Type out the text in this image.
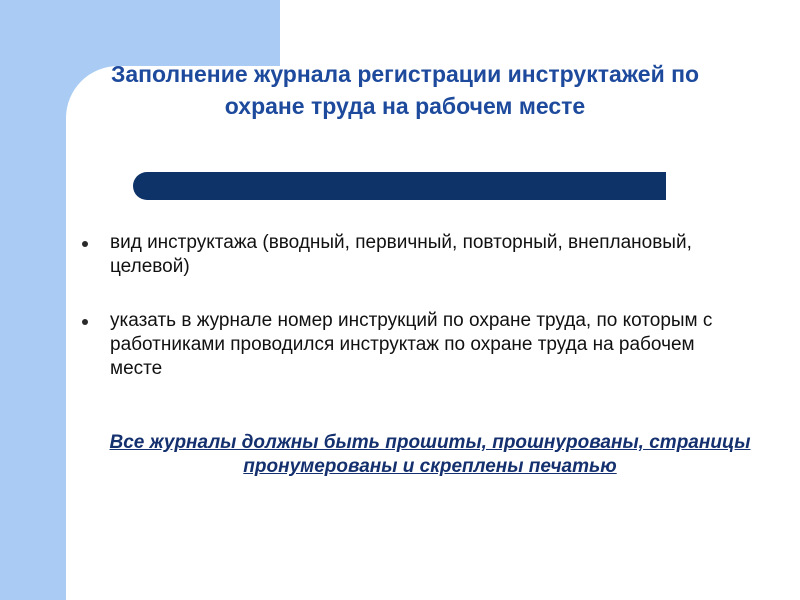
Заполнение журнала регистрации инструктажей по охране труда на рабочем месте
вид инструктажа (вводный, первичный, повторный, внеплановый, целевой)
указать в журнале номер инструкций по охране труда, по которым с работниками проводился инструктаж по охране труда на рабочем месте
Все журналы должны быть прошиты, прошнурованы, страницы пронумерованы и скреплены печатью
